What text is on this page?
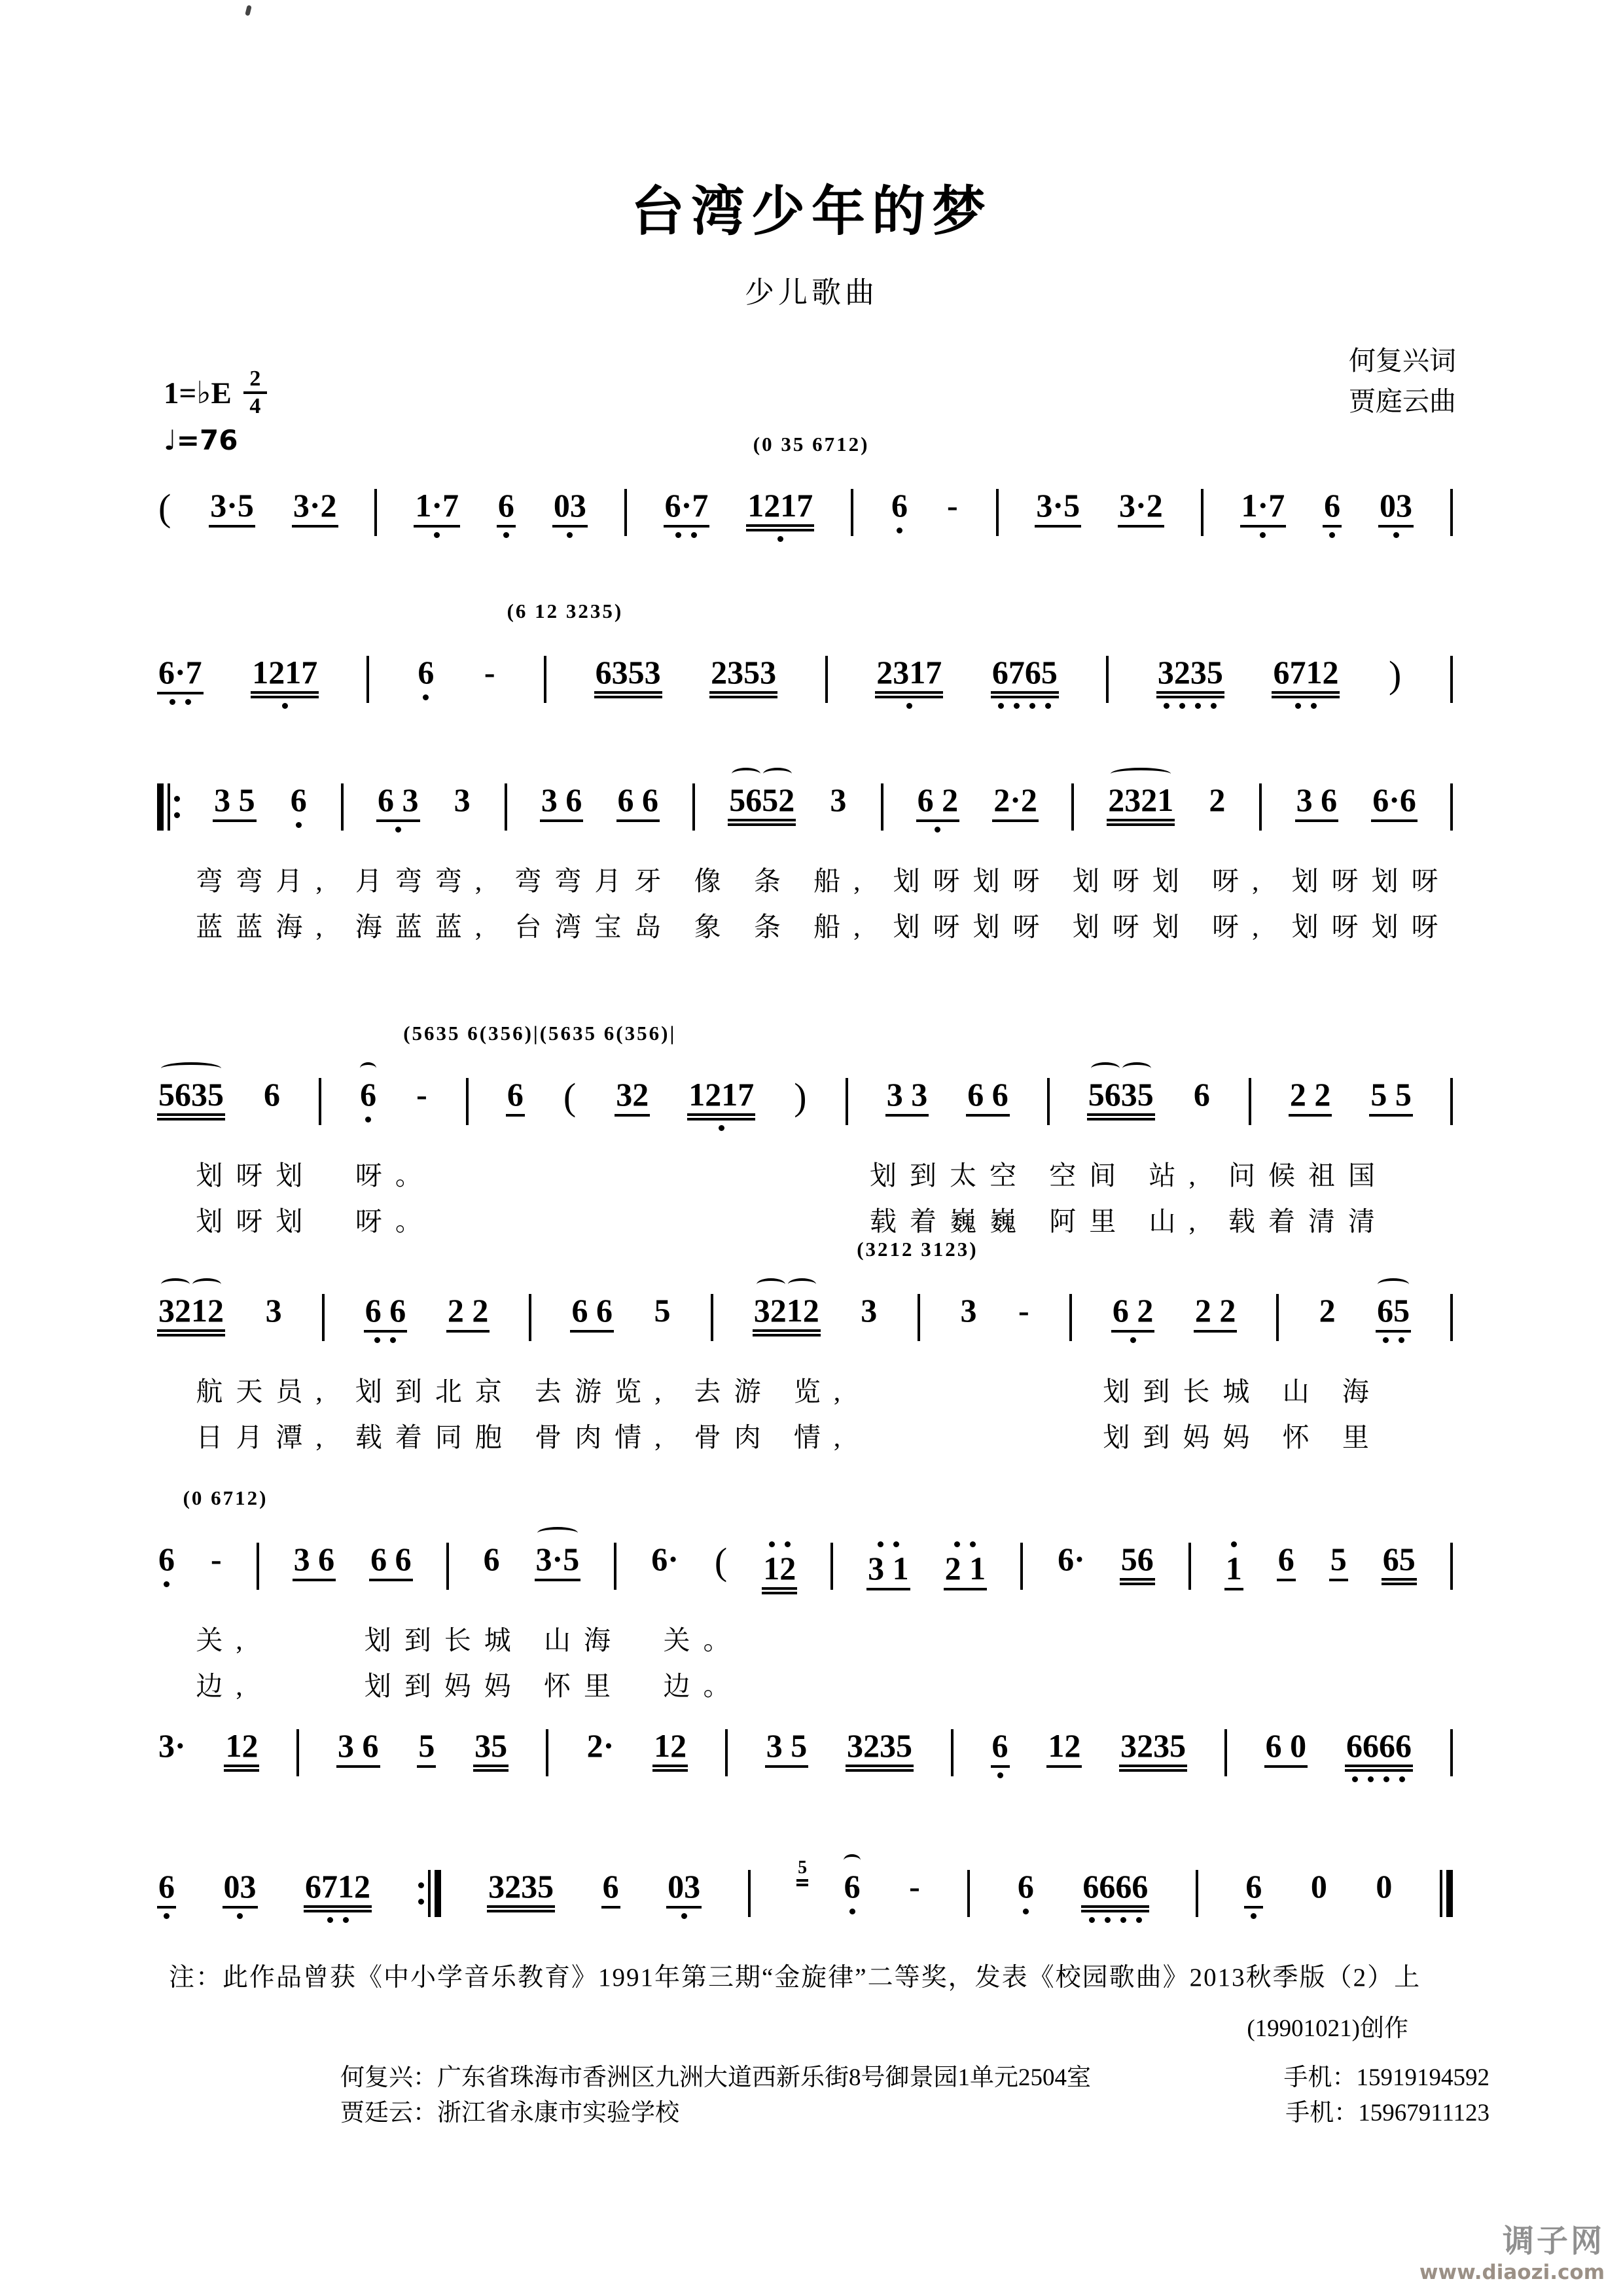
台湾少年的梦
少儿歌曲
何复兴词
贾庭云曲
1=♭E $\frac{2}{4}$
♩=76	(0 35 6712)
( 3·5 3·2 1·7 6 03 6·7 1217 6 - 3·5 3·2 1·7 6 03
(6 12 3235)
6·7 1217	6 -	6353 2353	2317 6765	3235 6712 )
3 5 6 6 3 3 3 6 6 6 5652 3 6 2 2·2 2321 2 3 6 6·6
弯弯月, 月弯弯, 弯弯月牙 像 条 船, 划呀划呀 划呀划 呀, 划呀划呀
蓝蓝海, 海蓝蓝, 台湾宝岛 象 条 船, 划呀划呀 划呀划 呀, 划呀划呀
(5635 6(356)|(5635 6(356)|
5635 6 6 - 6 ( 32 1217 ) 3 3 6 6 5635 6 2 2 5 5
划呀划  呀。	划到太空 空间 站, 问候祖国
划呀划  呀。	载着巍巍 阿里 山, 载着清清
(3212 3123)
3212 3	6 6 2 2	6 6 5	3212 3	3 -	6 2 2 2	2 65
航天员, 划到北京 去游览, 去游 览,	划到长城 山 海
日月潭, 载着同胞 骨肉情, 骨肉 情,	划到妈妈 怀 里
(0 6712)
6 - 3 6 6 6 6 3·5 6· ( 12 3 1 2 1 6· 56 1 6 5 65
关,	划到长城 山海  关。
边,	划到妈妈 怀里  边。
3· 12 3 6 5 35 2· 12 3 5 3235 6 12 3235 6 0 6666
6 03 6712	3235 6 03
5
6 -	6 6666	6 0 0
注：此作品曾获《中小学音乐教育》1991年第三期“金旋律”二等奖，发表《校园歌曲》2013秋季版（2）上
(19901021)创作
何复兴： 广东省珠海市香洲区九洲大道西新乐街8号御景园1单元2504室	手机：15919194592
贾廷云： 浙江省永康市实验学校	手机：15967911123
调子网
www.diaozi.com
